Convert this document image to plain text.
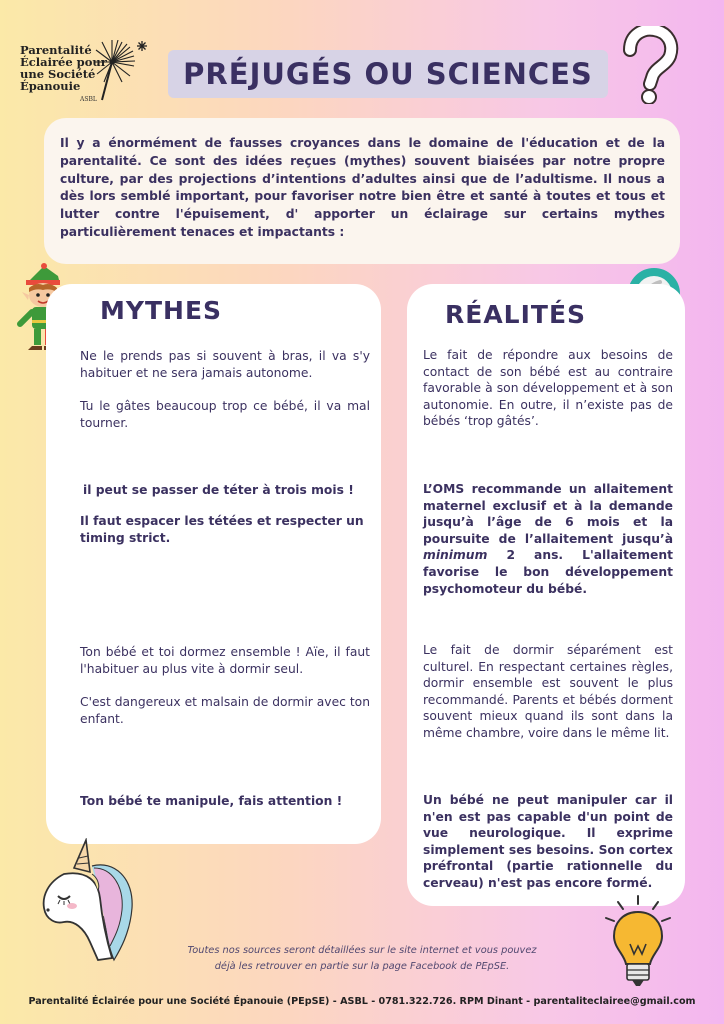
Parentalité
Éclairée pour
une Société
Épanouie
ASBL
PRÉJUGÉS OU SCIENCES

Il y a énormément de fausses croyances dans le domaine de l'éducation et de la parentalité. Ce sont des idées reçues (mythes) souvent biaisées par notre propre culture, par des projections d’intentions d’adultes ainsi que de l’adultisme. Il nous a dès lors semblé important, pour favoriser notre bien être et santé à toutes et tous et lutter contre l'épuisement, d' apporter un éclairage sur certains mythes particulièrement tenaces et impactants :

MYTHES
Ne le prends pas si souvent à bras, il va s'y habituer et ne sera jamais autonome.
Tu le gâtes beaucoup trop ce bébé, il va mal tourner.
il peut se passer de téter à trois mois !
Il faut espacer les tétées et respecter un timing strict.
Ton bébé et toi dormez ensemble ! Aïe, il faut l'habituer au plus vite à dormir seul.
C'est dangereux et malsain de dormir avec ton enfant.
Ton bébé te manipule, fais attention !
RÉALITÉS
Le fait de répondre aux besoins de contact de son bébé est au contraire favorable à son développement et à son autonomie. En outre, il n’existe pas de bébés ‘trop gâtés’.
L’OMS recommande un allaitement maternel exclusif et à la demande jusqu’à l’âge de 6 mois et la poursuite de l’allaitement jusqu’à minimum 2 ans. L'allaitement favorise le bon développement psychomoteur du bébé.
Le fait de dormir séparément est culturel. En respectant certaines règles, dormir ensemble est souvent le plus recommandé. Parents et bébés dorment souvent mieux quand ils sont dans la même chambre, voire dans le même lit.
Un bébé ne peut manipuler car il n'en est pas capable d'un point de vue neurologique. Il exprime simplement ses besoins. Son cortex préfrontal (partie rationnelle du cerveau) n'est pas encore formé.
Toutes nos sources seront détaillées sur le site internet et vous pouvez
déjà les retrouver en partie sur la page Facebook de PEpSE.
Parentalité Éclairée pour une Société Épanouie (PEpSE) - ASBL - 0781.322.726. RPM Dinant - parentaliteclairee@gmail.com
